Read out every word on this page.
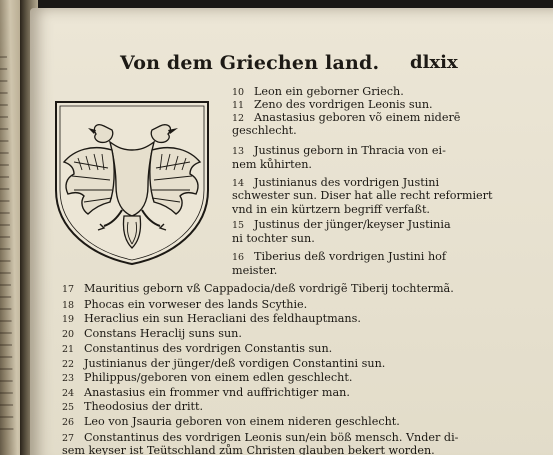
Von dem Griechen land. dlxix
10 Leon ein geborner Griech.
11 Zeno des vordrigen Leonis sun.
12 Anastasius geboren võ einem niderē
geschlecht.
13 Justinus geborn in Thracia von ei-
nem kůhirten.
14 Justinianus des vordrigen Justini
schwester sun. Diser hat alle recht reformiert
vnd in ein kürtzern begriff verfaßt.
15 Justinus der jünger/keyser Justinia
ni tochter sun.
16 Tiberius deß vordrigen Justini hof
meister.
17 Mauritius geborn vß Cappadocia/deß vordrigẽ Tiberij tochtermã.
18 Phocas ein vorweser des lands Scythie.
19 Heraclius ein sun Heracliani des feldhauptmans.
20 Constans Heraclij suns sun.
21 Constantinus des vordrigen Constantis sun.
22 Justinianus der jünger/deß vordigen Constantini sun.
23 Philippus/geboren von einem edlen geschlecht.
24 Anastasius ein frommer vnd auffrichtiger man.
25 Theodosius der dritt.
26 Leo von Jsauria geboren von einem nideren geschlecht.
27 Constantinus des vordrigen Leonis sun/ein böß mensch. Vnder di-
sem keyser ist Teütschland zům Christen glauben bekert worden.
